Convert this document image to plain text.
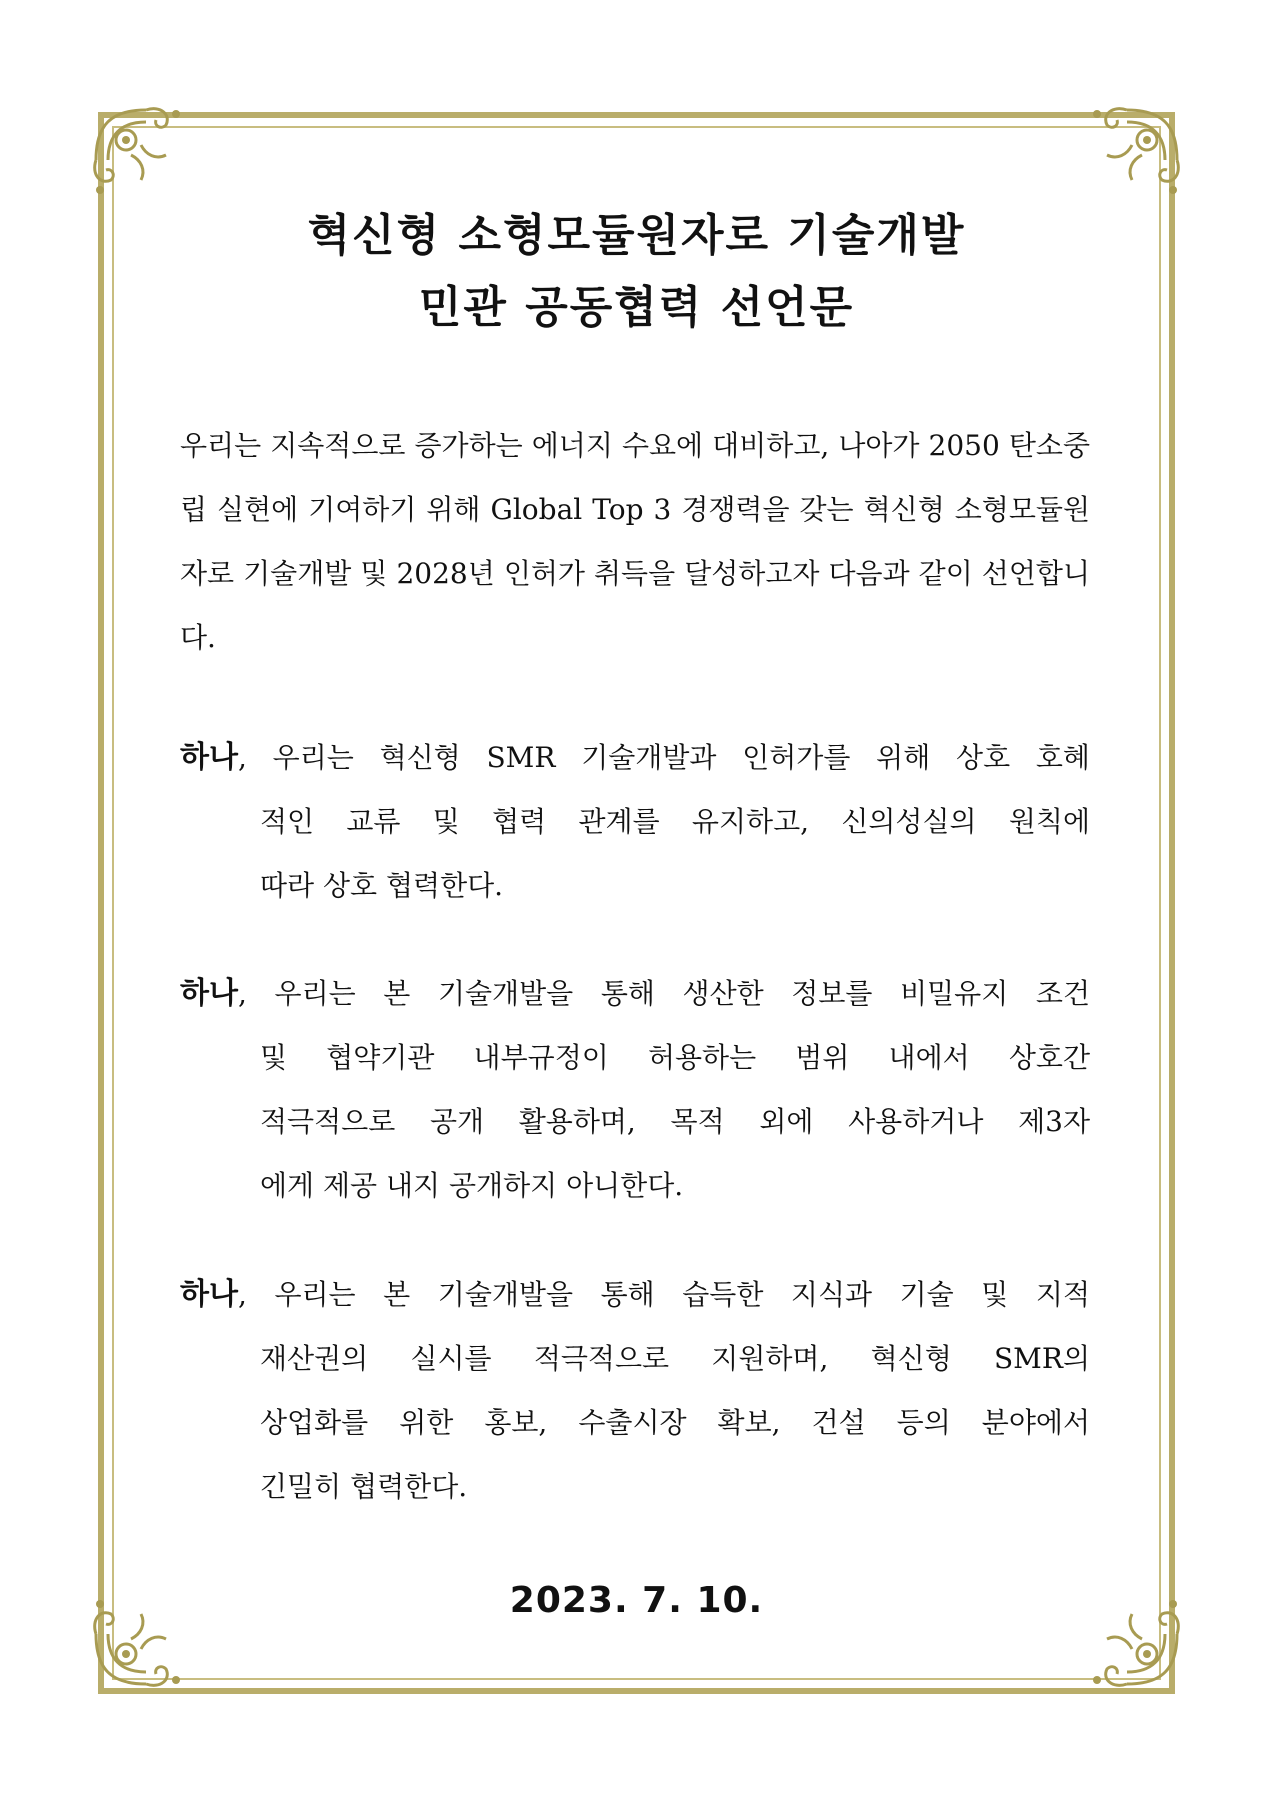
혁신형 소형모듈원자로 기술개발
민관 공동협력 선언문
우리는 지속적으로 증가하는 에너지 수요에 대비하고, 나아가 2050 탄소중립 실현에 기여하기 위해 Global Top 3 경쟁력을 갖는 혁신형 소형모듈원자로 기술개발 및 2028년 인허가 취득을 달성하고자 다음과 같이 선언합니다.
하나 , 우리는 혁신형 SMR 기술개발과 인허가를 위해 상호 호혜
적인 교류 및 협력 관계를 유지하고, 신의성실의 원칙에
따라 상호 협력한다.
하나 , 우리는 본 기술개발을 통해 생산한 정보를 비밀유지 조건
및 협약기관 내부규정이 허용하는 범위 내에서 상호간
적극적으로 공개 활용하며, 목적 외에 사용하거나 제3자
에게 제공 내지 공개하지 아니한다.
하나 , 우리는 본 기술개발을 통해 습득한 지식과 기술 및 지적
재산권의 실시를 적극적으로 지원하며, 혁신형 SMR의
상업화를 위한 홍보, 수출시장 확보, 건설 등의 분야에서
긴밀히 협력한다.
2023. 7. 10.
